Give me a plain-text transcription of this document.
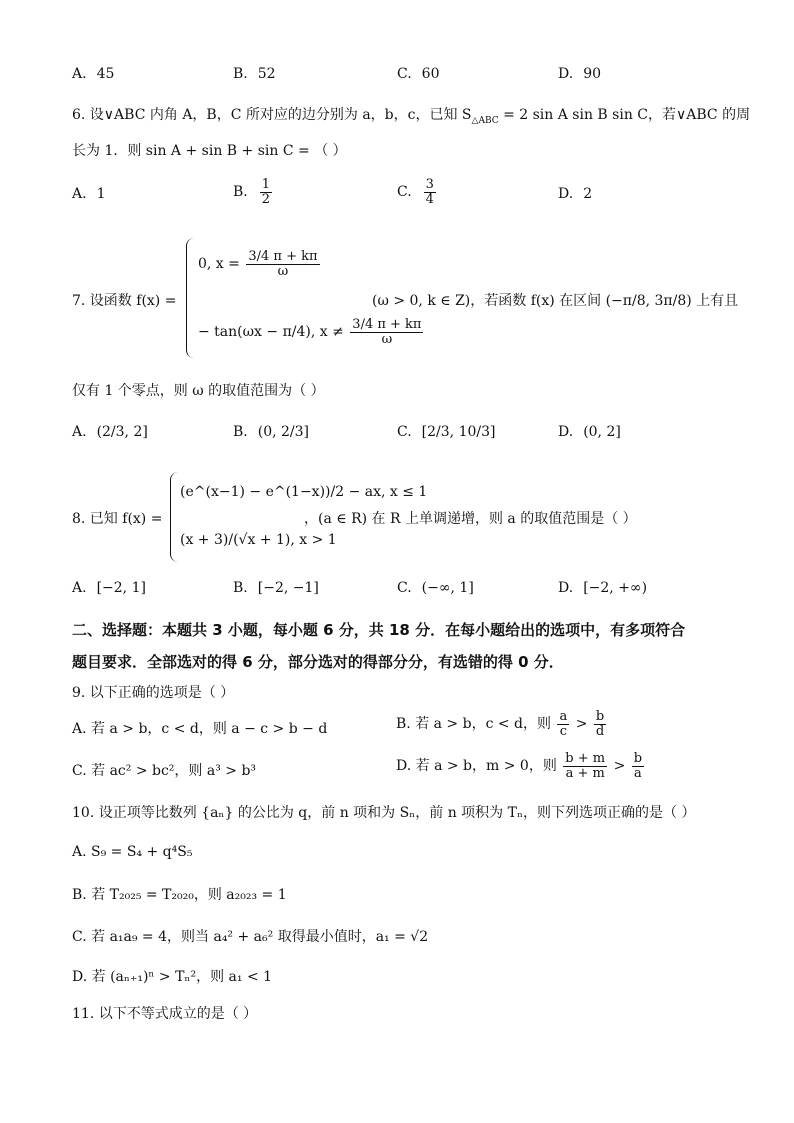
A. 45	B. 52	C. 60	D. 90
6. 设∨ABC 内角 A，B，C 所对应的边分别为 a，b，c，已知 $S_{\triangle ABC} = 2$ sin A sin B sin C，若∨ABC 的周
长为 1．则 sin A + sin B + sin C = （ ）
A. 1	B. $\frac{1}{2}$	C. $\frac{3}{4}$	D. 2
7. 设函数 f(x) =
0, $x = \frac{3/4 \pi + k\pi}{\omega}$
− tan(ωx − π/4), $x \ne \frac{3/4 \pi + k\pi}{\omega}$
(ω > 0, k ∈ Z)，若函数 f(x) 在区间 (−π/8, 3π/8) 上有且
仅有 1 个零点，则 ω 的取值范围为（ ）
A. (2/3, 2]	B. (0, 2/3]	C. [2/3, 10/3]	D. (0, 2]
8. 已知 f(x) =
(e^(x−1) − e^(1−x))/2 − ax, x ≤ 1
(x + 3)/(√x + 1), x > 1
，(a ∈ R) 在 R 上单调递增，则 a 的取值范围是（ ）
A. [−2, 1]	B. [−2, −1]	C. (−∞, 1]	D. [−2, +∞)
二、选择题：本题共 3 小题，每小题 6 分，共 18 分．在每小题给出的选项中，有多项符合
题目要求．全部选对的得 6 分，部分选对的得部分分，有选错的得 0 分．
9. 以下正确的选项是（ ）
A. 若 a > b，c < d，则 a − c > b − d	B. 若 a > b，c < d，则 $\frac{a}{c} > \frac{b}{d}$
C. 若 ac² > bc²，则 a³ > b³	D. 若 a > b，m > 0，则 $\frac{b + m}{a + m} > \frac{b}{a}$
10. 设正项等比数列 {aₙ} 的公比为 q，前 n 项和为 Sₙ，前 n 项积为 Tₙ，则下列选项正确的是（ ）
A. S₉ = S₄ + q⁴S₅
B. 若 T₂₀₂₅ = T₂₀₂₀，则 a₂₀₂₃ = 1
C. 若 a₁a₉ = 4，则当 a₄² + a₆² 取得最小值时，a₁ = √2
D. 若 (aₙ₊₁)ⁿ > Tₙ²，则 a₁ < 1
11. 以下不等式成立的是（ ）
